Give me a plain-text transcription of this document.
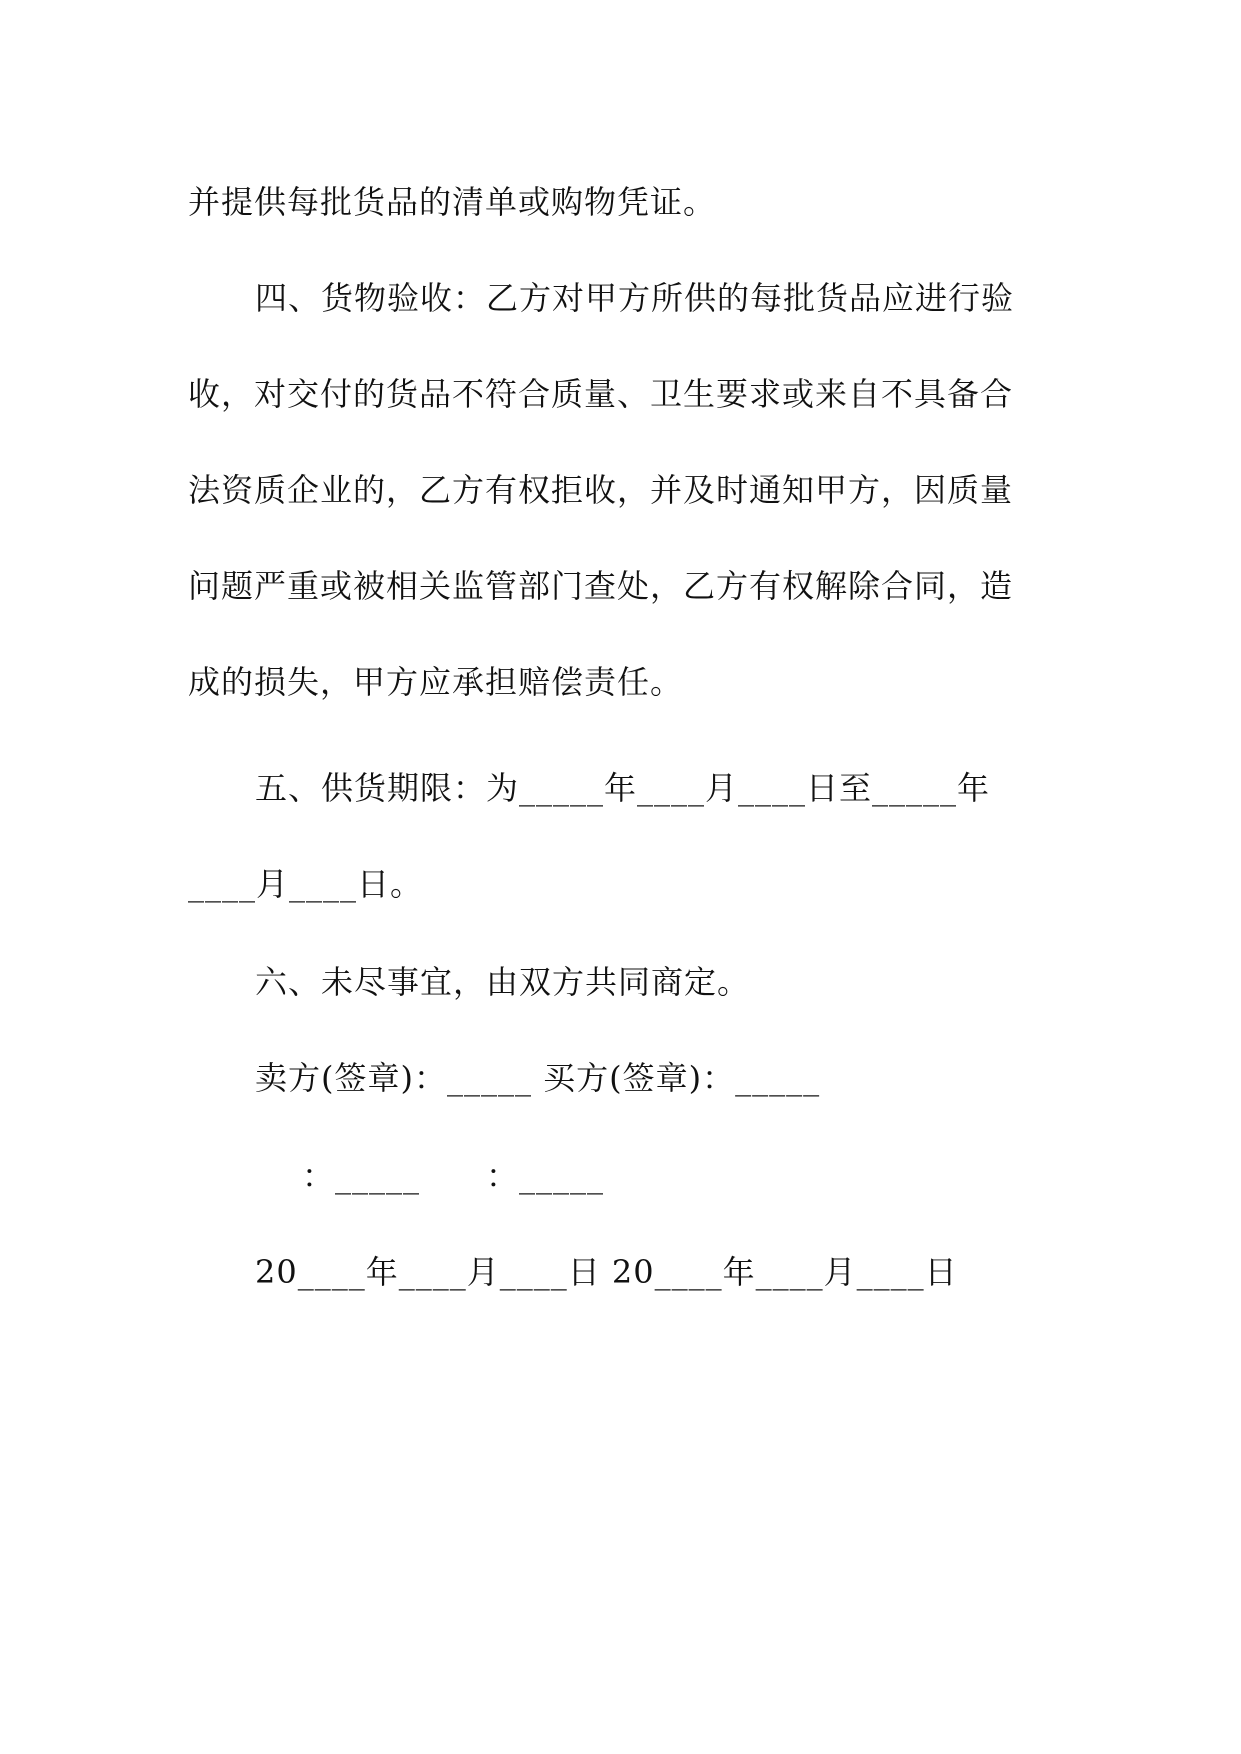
并提供每批货品的清单或购物凭证。
四、货物验收：乙方对甲方所供的每批货品应进行验
收，对交付的货品不符合质量、卫生要求或来自不具备合
法资质企业的，乙方有权拒收，并及时通知甲方，因质量
问题严重或被相关监管部门查处，乙方有权解除合同，造
成的损失，甲方应承担赔偿责任。
五、供货期限：为_____年____月____日至_____年
____月____日。
六、未尽事宜，由双方共同商定。
卖方(签章)：_____ 买方(签章)：_____
：_____　　：_____
20____年____月____日 20____年____月____日
